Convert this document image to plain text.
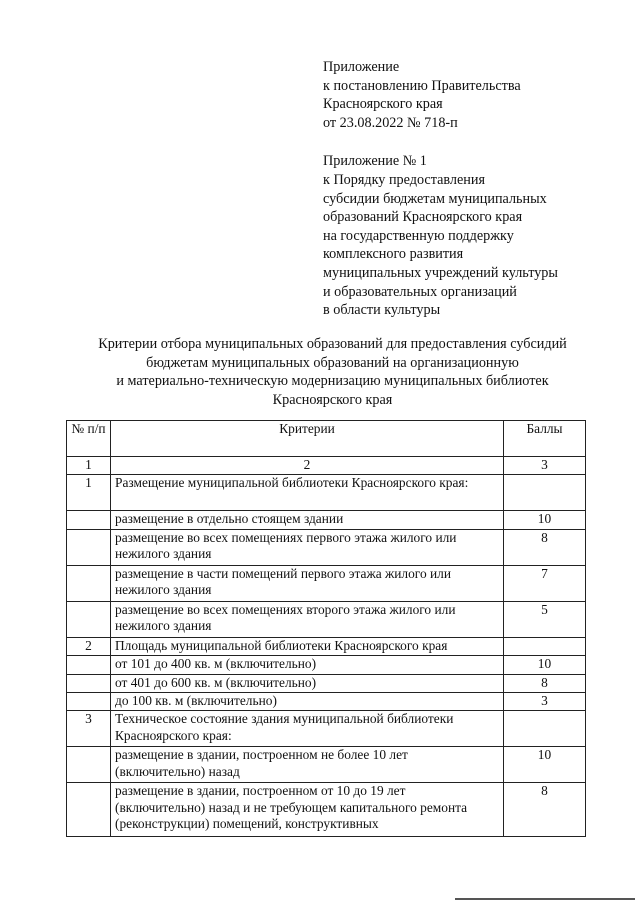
Приложение
к постановлению Правительства
Красноярского края
от 23.08.2022 № 718-п
Приложение № 1
к Порядку предоставления
субсидии бюджетам муниципальных
образований Красноярского края
на государственную поддержку
комплексного развития
муниципальных учреждений культуры
и образовательных организаций
в области культуры
Критерии отбора муниципальных образований для предоставления субсидий
бюджетам муниципальных образований на организационную
и материально-техническую модернизацию муниципальных библиотек
Красноярского края
№ п/п	Критерии	Баллы
1	2	3
1	Размещение муниципальной библиотеки Красноярского края:	
	размещение в отдельно стоящем здании	10
	размещение во всех помещениях первого этажа жилого или нежилого здания	8
	размещение в части помещений первого этажа жилого или нежилого здания	7
	размещение во всех помещениях второго этажа жилого или нежилого здания	5
2	Площадь муниципальной библиотеки Красноярского края	
	от 101 до 400 кв. м (включительно)	10
	от 401 до 600 кв. м (включительно)	8
	до 100 кв. м (включительно)	3
3	Техническое состояние здания муниципальной библиотеки Красноярского края:	
	размещение в здании, построенном не более 10 лет (включительно) назад	10
	размещение в здании, построенном от 10 до 19 лет (включительно) назад и не требующем капитального ремонта (реконструкции) помещений, конструктивных	8
